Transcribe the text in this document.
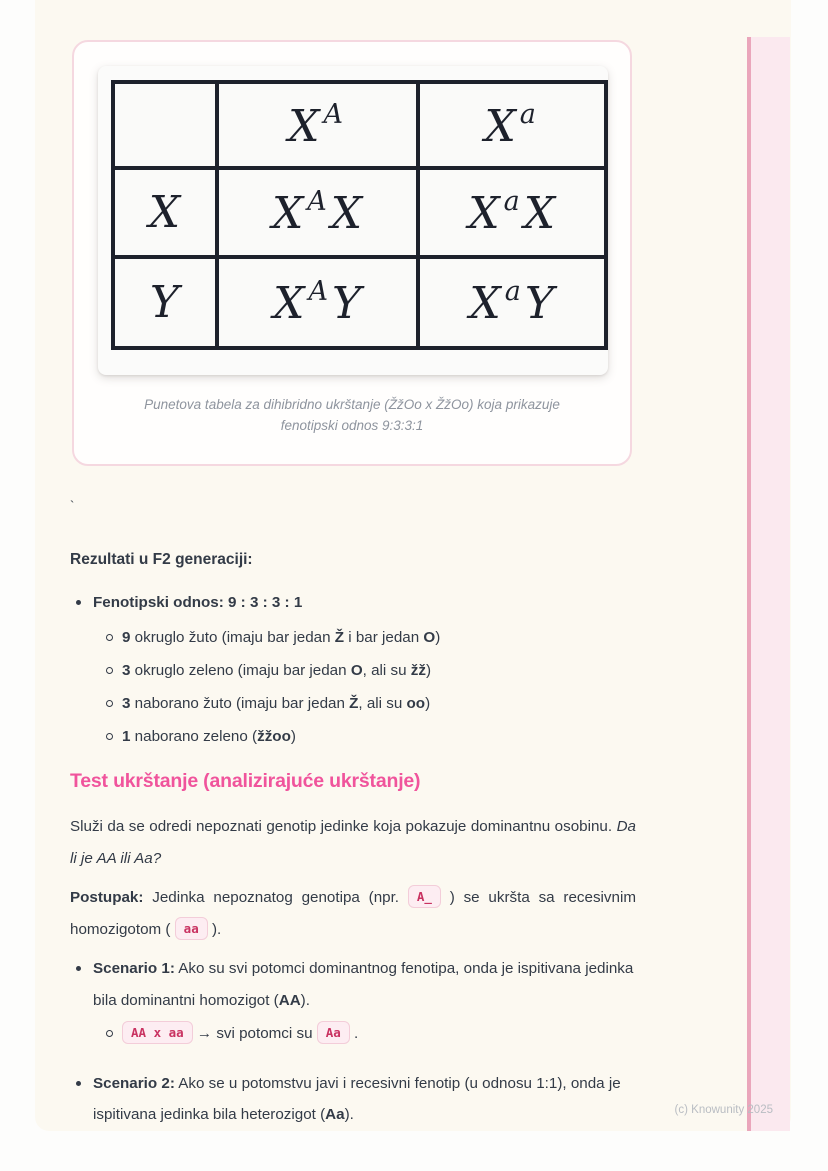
	X $^A$	X $^a$
X	X $^A$X	X $^a$X
Y	X $^A$Y	X $^a$Y
Punetova tabela za dihibridno ukrštanje (ŽžOo x ŽžOo) koja prikazuje
fenotipski odnos 9:3:3:1
`
Rezultati u F2 generaciji:
Fenotipski odnos: 9 : 3 : 3 : 1
9 okruglo žuto (imaju bar jedan Ž i bar jedan O)
3 okruglo zeleno (imaju bar jedan O, ali su žž)
3 naborano žuto (imaju bar jedan Ž, ali su oo)
1 naborano zeleno (žžoo)
Test ukrštanje (analizirajuće ukrštanje)
Služi da se odredi nepoznati genotip jedinke koja pokazuje dominantnu osobinu. Da li je AA ili Aa?
Postupak: Jedinka nepoznatog genotipa (npr. A_ ) se ukršta sa recesivnim homozigotom ( aa ).
Scenario 1: Ako su svi potomci dominantnog fenotipa, onda je ispitivana jedinka bila dominantni homozigot (AA).
AA x aa → svi potomci su Aa .
Scenario 2: Ako se u potomstvu javi i recesivni fenotip (u odnosu 1:1), onda je ispitivana jedinka bila heterozigot (Aa).	(c) Knowunity 2025
